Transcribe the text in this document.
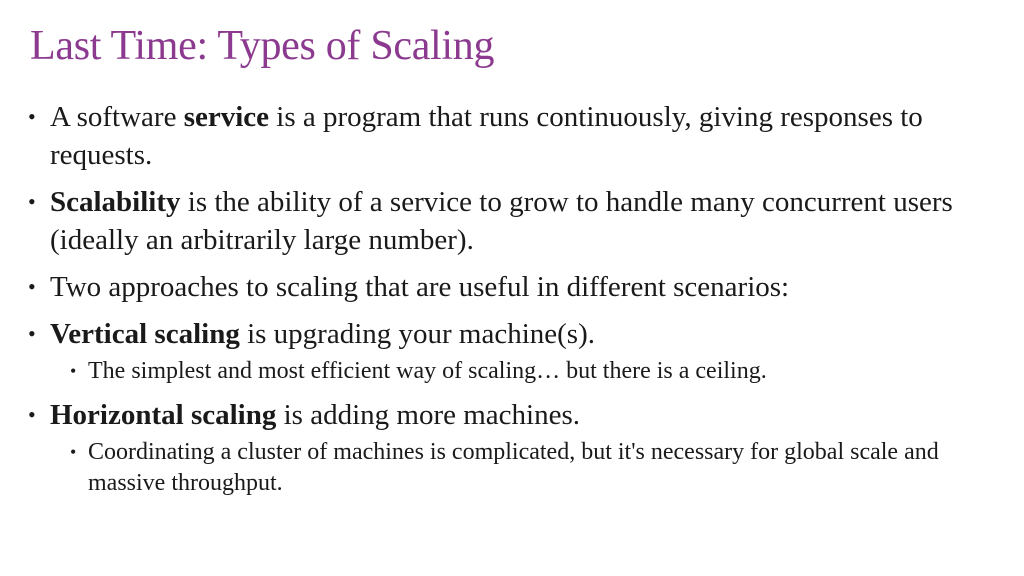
Last Time: Types of Scaling
• A software service is a program that runs continuously, giving responses to requests.
• Scalability is the ability of a service to grow to handle many concurrent users (ideally an arbitrarily large number).
• Two approaches to scaling that are useful in different scenarios:
• Vertical scaling is upgrading your machine(s).
• The simplest and most efficient way of scaling… but there is a ceiling.
• Horizontal scaling is adding more machines.
• Coordinating a cluster of machines is complicated, but it's necessary for global scale and massive throughput.
